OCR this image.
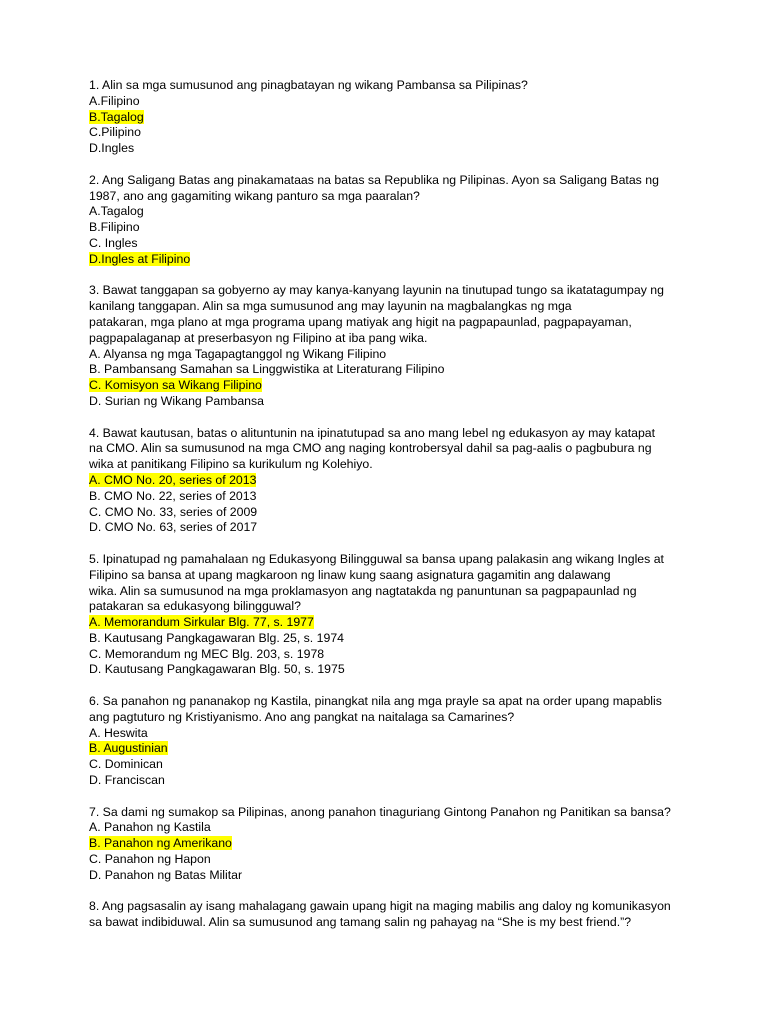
1. Alin sa mga sumusunod ang pinagbatayan ng wikang Pambansa sa Pilipinas?
A.Filipino
B.Tagalog
C.Pilipino
D.Ingles
2. Ang Saligang Batas ang pinakamataas na batas sa Republika ng Pilipinas. Ayon sa Saligang Batas ng
1987, ano ang gagamiting wikang panturo sa mga paaralan?
A.Tagalog
B.Filipino
C. Ingles
D.Ingles at Filipino
3. Bawat tanggapan sa gobyerno ay may kanya-kanyang layunin na tinutupad tungo sa ikatatagumpay ng
kanilang tanggapan. Alin sa mga sumusunod ang may layunin na magbalangkas ng mga
patakaran, mga plano at mga programa upang matiyak ang higit na pagpapaunlad, pagpapayaman,
pagpapalaganap at preserbasyon ng Filipino at iba pang wika.
A. Alyansa ng mga Tagapagtanggol ng Wikang Filipino
B. Pambansang Samahan sa Linggwistika at Literaturang Filipino
C. Komisyon sa Wikang Filipino
D. Surian ng Wikang Pambansa
4. Bawat kautusan, batas o alituntunin na ipinatutupad sa ano mang lebel ng edukasyon ay may katapat
na CMO. Alin sa sumusunod na mga CMO ang naging kontrobersyal dahil sa pag-aalis o pagbubura ng
wika at panitikang Filipino sa kurikulum ng Kolehiyo.
A. CMO No. 20, series of 2013
B. CMO No. 22, series of 2013
C. CMO No. 33, series of 2009
D. CMO No. 63, series of 2017
5. Ipinatupad ng pamahalaan ng Edukasyong Bilingguwal sa bansa upang palakasin ang wikang Ingles at
Filipino sa bansa at upang magkaroon ng linaw kung saang asignatura gagamitin ang dalawang
wika. Alin sa sumusunod na mga proklamasyon ang nagtatakda ng panuntunan sa pagpapaunlad ng
patakaran sa edukasyong bilingguwal?
A. Memorandum Sirkular Blg. 77, s. 1977
B. Kautusang Pangkagawaran Blg. 25, s. 1974
C. Memorandum ng MEC Blg. 203, s. 1978
D. Kautusang Pangkagawaran Blg. 50, s. 1975
6. Sa panahon ng pananakop ng Kastila, pinangkat nila ang mga prayle sa apat na order upang mapablis
ang pagtuturo ng Kristiyanismo. Ano ang pangkat na naitalaga sa Camarines?
A. Heswita
B. Augustinian
C. Dominican
D. Franciscan
7. Sa dami ng sumakop sa Pilipinas, anong panahon tinaguriang Gintong Panahon ng Panitikan sa bansa?
A. Panahon ng Kastila
B. Panahon ng Amerikano
C. Panahon ng Hapon
D. Panahon ng Batas Militar
8. Ang pagsasalin ay isang mahalagang gawain upang higit na maging mabilis ang daloy ng komunikasyon
sa bawat indibiduwal. Alin sa sumusunod ang tamang salin ng pahayag na “She is my best friend.”?
